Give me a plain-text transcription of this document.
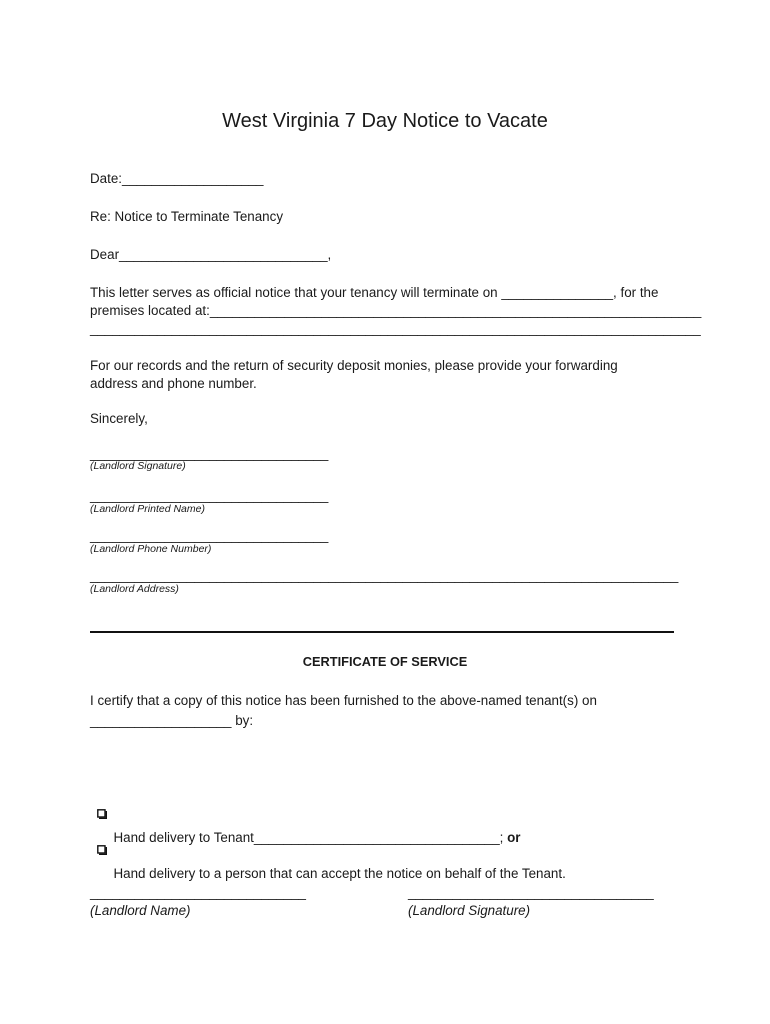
West Virginia 7 Day Notice to Vacate
Date:___________________
Re: Notice to Terminate Tenancy
Dear____________________________,
This letter serves as official notice that your tenancy will terminate on _______________, for the
premises located at:__________________________________________________________________
__________________________________________________________________________________
For our records and the return of security deposit monies, please provide your forwarding
address and phone number.
Sincerely,
________________________________
(Landlord Signature)
________________________________
(Landlord Printed Name)
________________________________
(Landlord Phone Number)
_______________________________________________________________________________
(Landlord Address)
CERTIFICATE OF SERVICE
I certify that a copy of this notice has been furnished to the above-named tenant(s) on
___________________ by:

Hand delivery to Tenant_________________________________; or

Hand delivery to a person that can accept the notice on behalf of the Tenant.

_____________________________
(Landlord Name)
_________________________________
(Landlord Signature)
